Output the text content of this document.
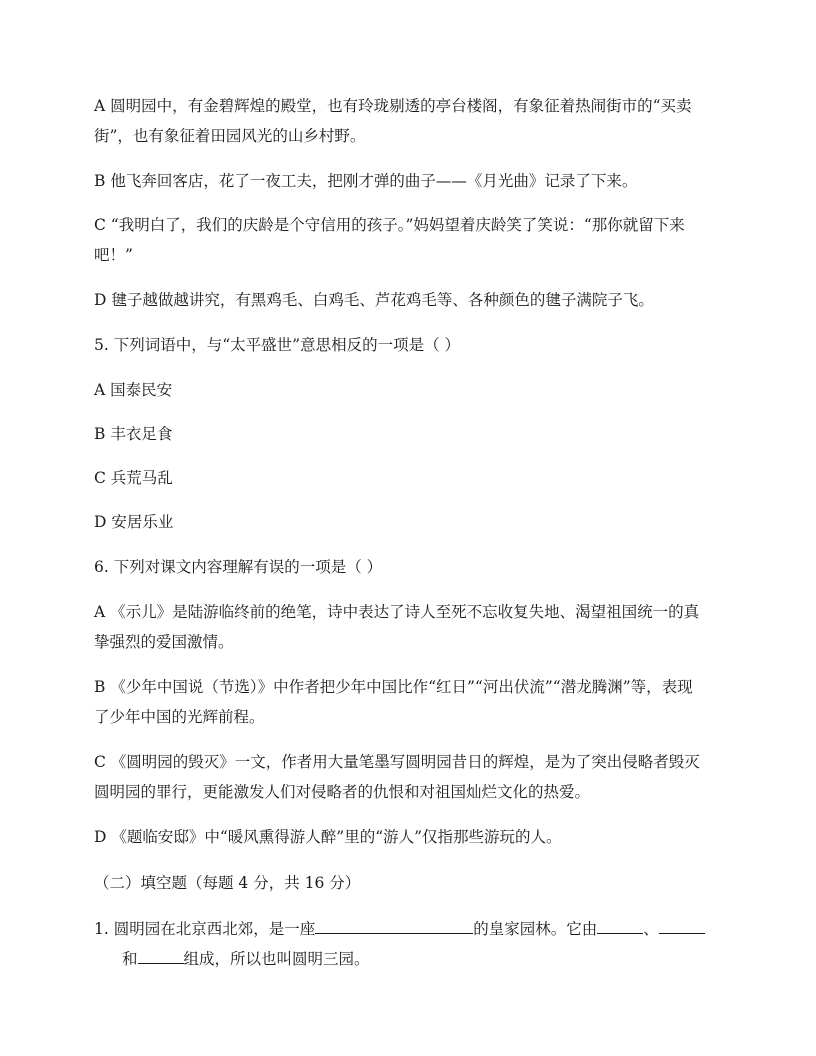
A 圆明园中，有金碧辉煌的殿堂，也有玲珑剔透的亭台楼阁，有象征着热闹街市的“买卖
街”，也有象征着田园风光的山乡村野。
B 他飞奔回客店，花了一夜工夫，把刚才弹的曲子——《月光曲》记录了下来。
C “我明白了，我们的庆龄是个守信用的孩子。”妈妈望着庆龄笑了笑说：“那你就留下来
吧！”
D 毽子越做越讲究，有黑鸡毛、白鸡毛、芦花鸡毛等、各种颜色的毽子满院子飞。
5. 下列词语中，与“太平盛世”意思相反的一项是（ ）
A 国泰民安
B 丰衣足食
C 兵荒马乱
D 安居乐业
6. 下列对课文内容理解有误的一项是（ ）
A 《示儿》是陆游临终前的绝笔，诗中表达了诗人至死不忘收复失地、渴望祖国统一的真
挚强烈的爱国激情。
B 《少年中国说（节选）》中作者把少年中国比作“红日”“河出伏流”“潜龙腾渊”等，表现
了少年中国的光辉前程。
C 《圆明园的毁灭》一文，作者用大量笔墨写圆明园昔日的辉煌，是为了突出侵略者毁灭
圆明园的罪行，更能激发人们对侵略者的仇恨和对祖国灿烂文化的热爱。
D 《题临安邸》中“暖风熏得游人醉”里的“游人”仅指那些游玩的人。
（二）填空题（每题 4 分，共 16 分）
1. 圆明园在北京西北郊，是一座	的皇家园林。它由	、
和	组成，所以也叫圆明三园。
